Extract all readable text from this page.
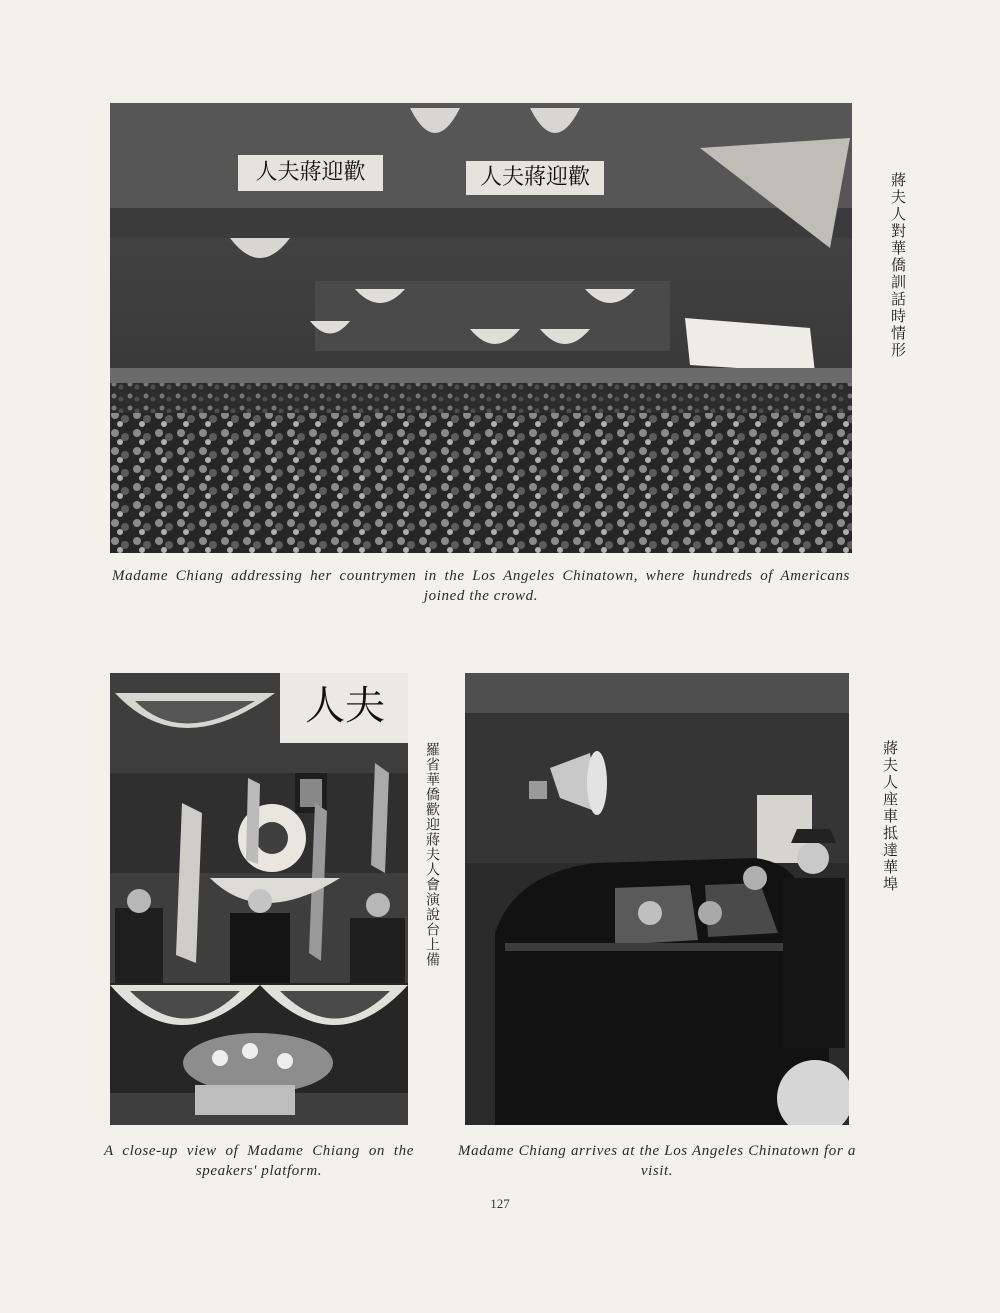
歡迎蔣夫人	歡迎蔣夫人
Madame Chiang addressing her countrymen in the Los Angeles Chinatown, where hundreds of Americans joined the crowd.
蔣夫人對華僑訓話時情形
夫人
A close-up view of Madame Chiang on the speakers' platform.
羅省華僑歡迎蔣夫人會演說台上備
Madame Chiang arrives at the Los Angeles Chinatown for a visit.
蔣夫人座車抵達華埠
127
